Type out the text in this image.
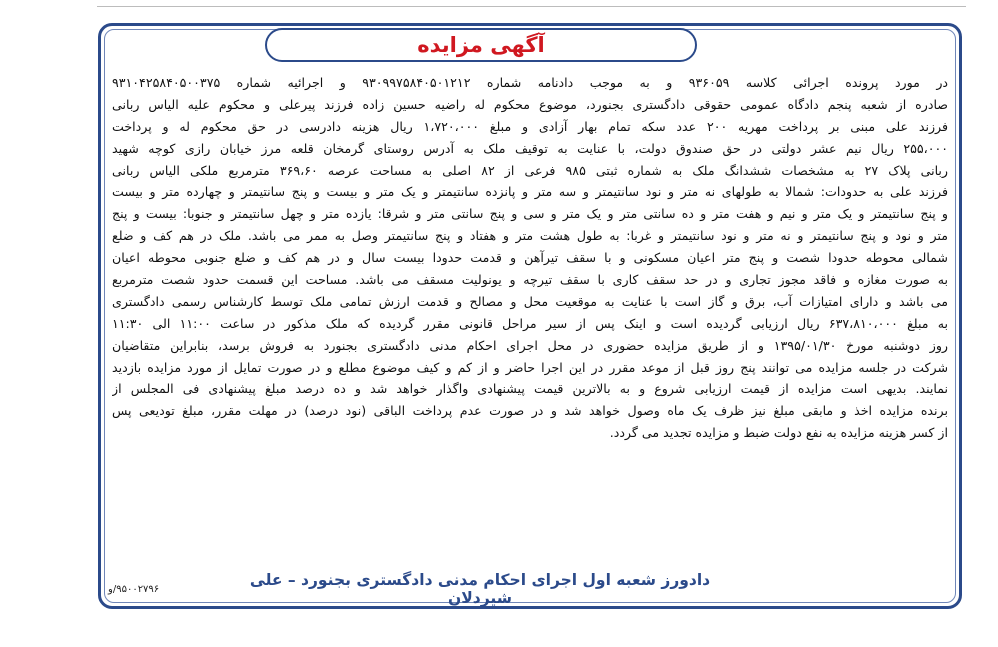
آگهی مزایده
در مورد پرونده اجرائی کلاسه ۹۳۶۰۵۹ و به موجب دادنامه شماره ۹۳۰۹۹۷۵۸۴۰۵۰۱۲۱۲ و اجرائیه شماره ۹۳۱۰۴۲۵۸۴۰۵۰۰۳۷۵
صادره از شعبه پنجم دادگاه عمومی حقوقی دادگستری بجنورد، موضوع محکوم له راضیه حسین زاده فرزند پیرعلی و محکوم علیه الیاس ربانی
فرزند علی مبنی بر پرداخت مهریه ۲۰۰ عدد سکه تمام بهار آزادی و مبلغ ۱،۷۲۰،۰۰۰ ریال هزینه دادرسی در حق محکوم له و پرداخت
۲۵۵،۰۰۰ ریال نیم عشر دولتی در حق صندوق دولت، با عنایت به توقیف ملک به آدرس روستای گرمخان قلعه مرز خیابان رازی کوچه شهید
ربانی پلاک ۲۷ به مشخصات ششدانگ ملک به شماره ثبتی ۹۸۵ فرعی از ۸۲ اصلی به مساحت عرصه ۳۶۹،۶۰ مترمربع ملکی الیاس ربانی
فرزند علی به حدودات: شمالا به طولهای نه متر و نود سانتیمتر و سه متر و پانزده سانتیمتر و یک متر و بیست و پنج سانتیمتر و چهارده متر و بیست
و پنج سانتیمتر و یک متر و نیم و هفت متر و ده سانتی متر و یک متر و سی و پنج سانتی متر و شرقا: یازده متر و چهل سانتیمتر و جنوبا: بیست و پنج
متر و نود و پنج سانتیمتر و نه متر و نود سانتیمتر و غربا: به طول هشت متر و هفتاد و پنج سانتیمتر وصل به ممر می باشد. ملک در هم کف و ضلع
شمالی محوطه حدودا شصت و پنج متر اعیان مسکونی و با سقف تیرآهن و قدمت حدودا بیست سال و در هم کف و ضلع جنوبی محوطه اعیان
به صورت مغازه و فاقد مجوز تجاری و در حد سقف کاری با سقف تیرچه و یونولیت مسقف می باشد. مساحت این قسمت حدود شصت مترمربع
می باشد و دارای امتیازات آب، برق و گاز است با عنایت به موقعیت محل و مصالح و قدمت ارزش تمامی ملک توسط کارشناس رسمی دادگستری
به مبلغ ۶۳۷،۸۱۰،۰۰۰ ریال ارزیابی گردیده است و اینک پس از سیر مراحل قانونی مقرر گردیده که ملک مذکور در ساعت ۱۱:۰۰ الی ۱۱:۳۰
روز دوشنبه مورخ ۱۳۹۵/۰۱/۳۰ و از طریق مزایده حضوری در محل اجرای احکام مدنی دادگستری بجنورد به فروش برسد، بنابراین متقاضیان
شرکت در جلسه مزایده می توانند پنج روز قبل از موعد مقرر در این اجرا حاضر و از کم و کیف موضوع مطلع و در صورت تمایل از مورد مزایده بازدید
نمایند. بدیهی است مزایده از قیمت ارزیابی شروع و به بالاترین قیمت پیشنهادی واگذار خواهد شد و ده درصد مبلغ پیشنهادی فی المجلس از
برنده مزایده اخذ و مابقی مبلغ نیز ظرف یک ماه وصول خواهد شد و در صورت عدم پرداخت الباقی (نود درصد) در مهلت مقرر، مبلغ تودیعی پس
از کسر هزینه مزایده به نفع دولت ضبط و مزایده تجدید می گردد.
دادورز شعبه اول اجرای احکام مدنی دادگستری بجنورد – علی شیردلان
۹۵۰۰۲۷۹۶/و
